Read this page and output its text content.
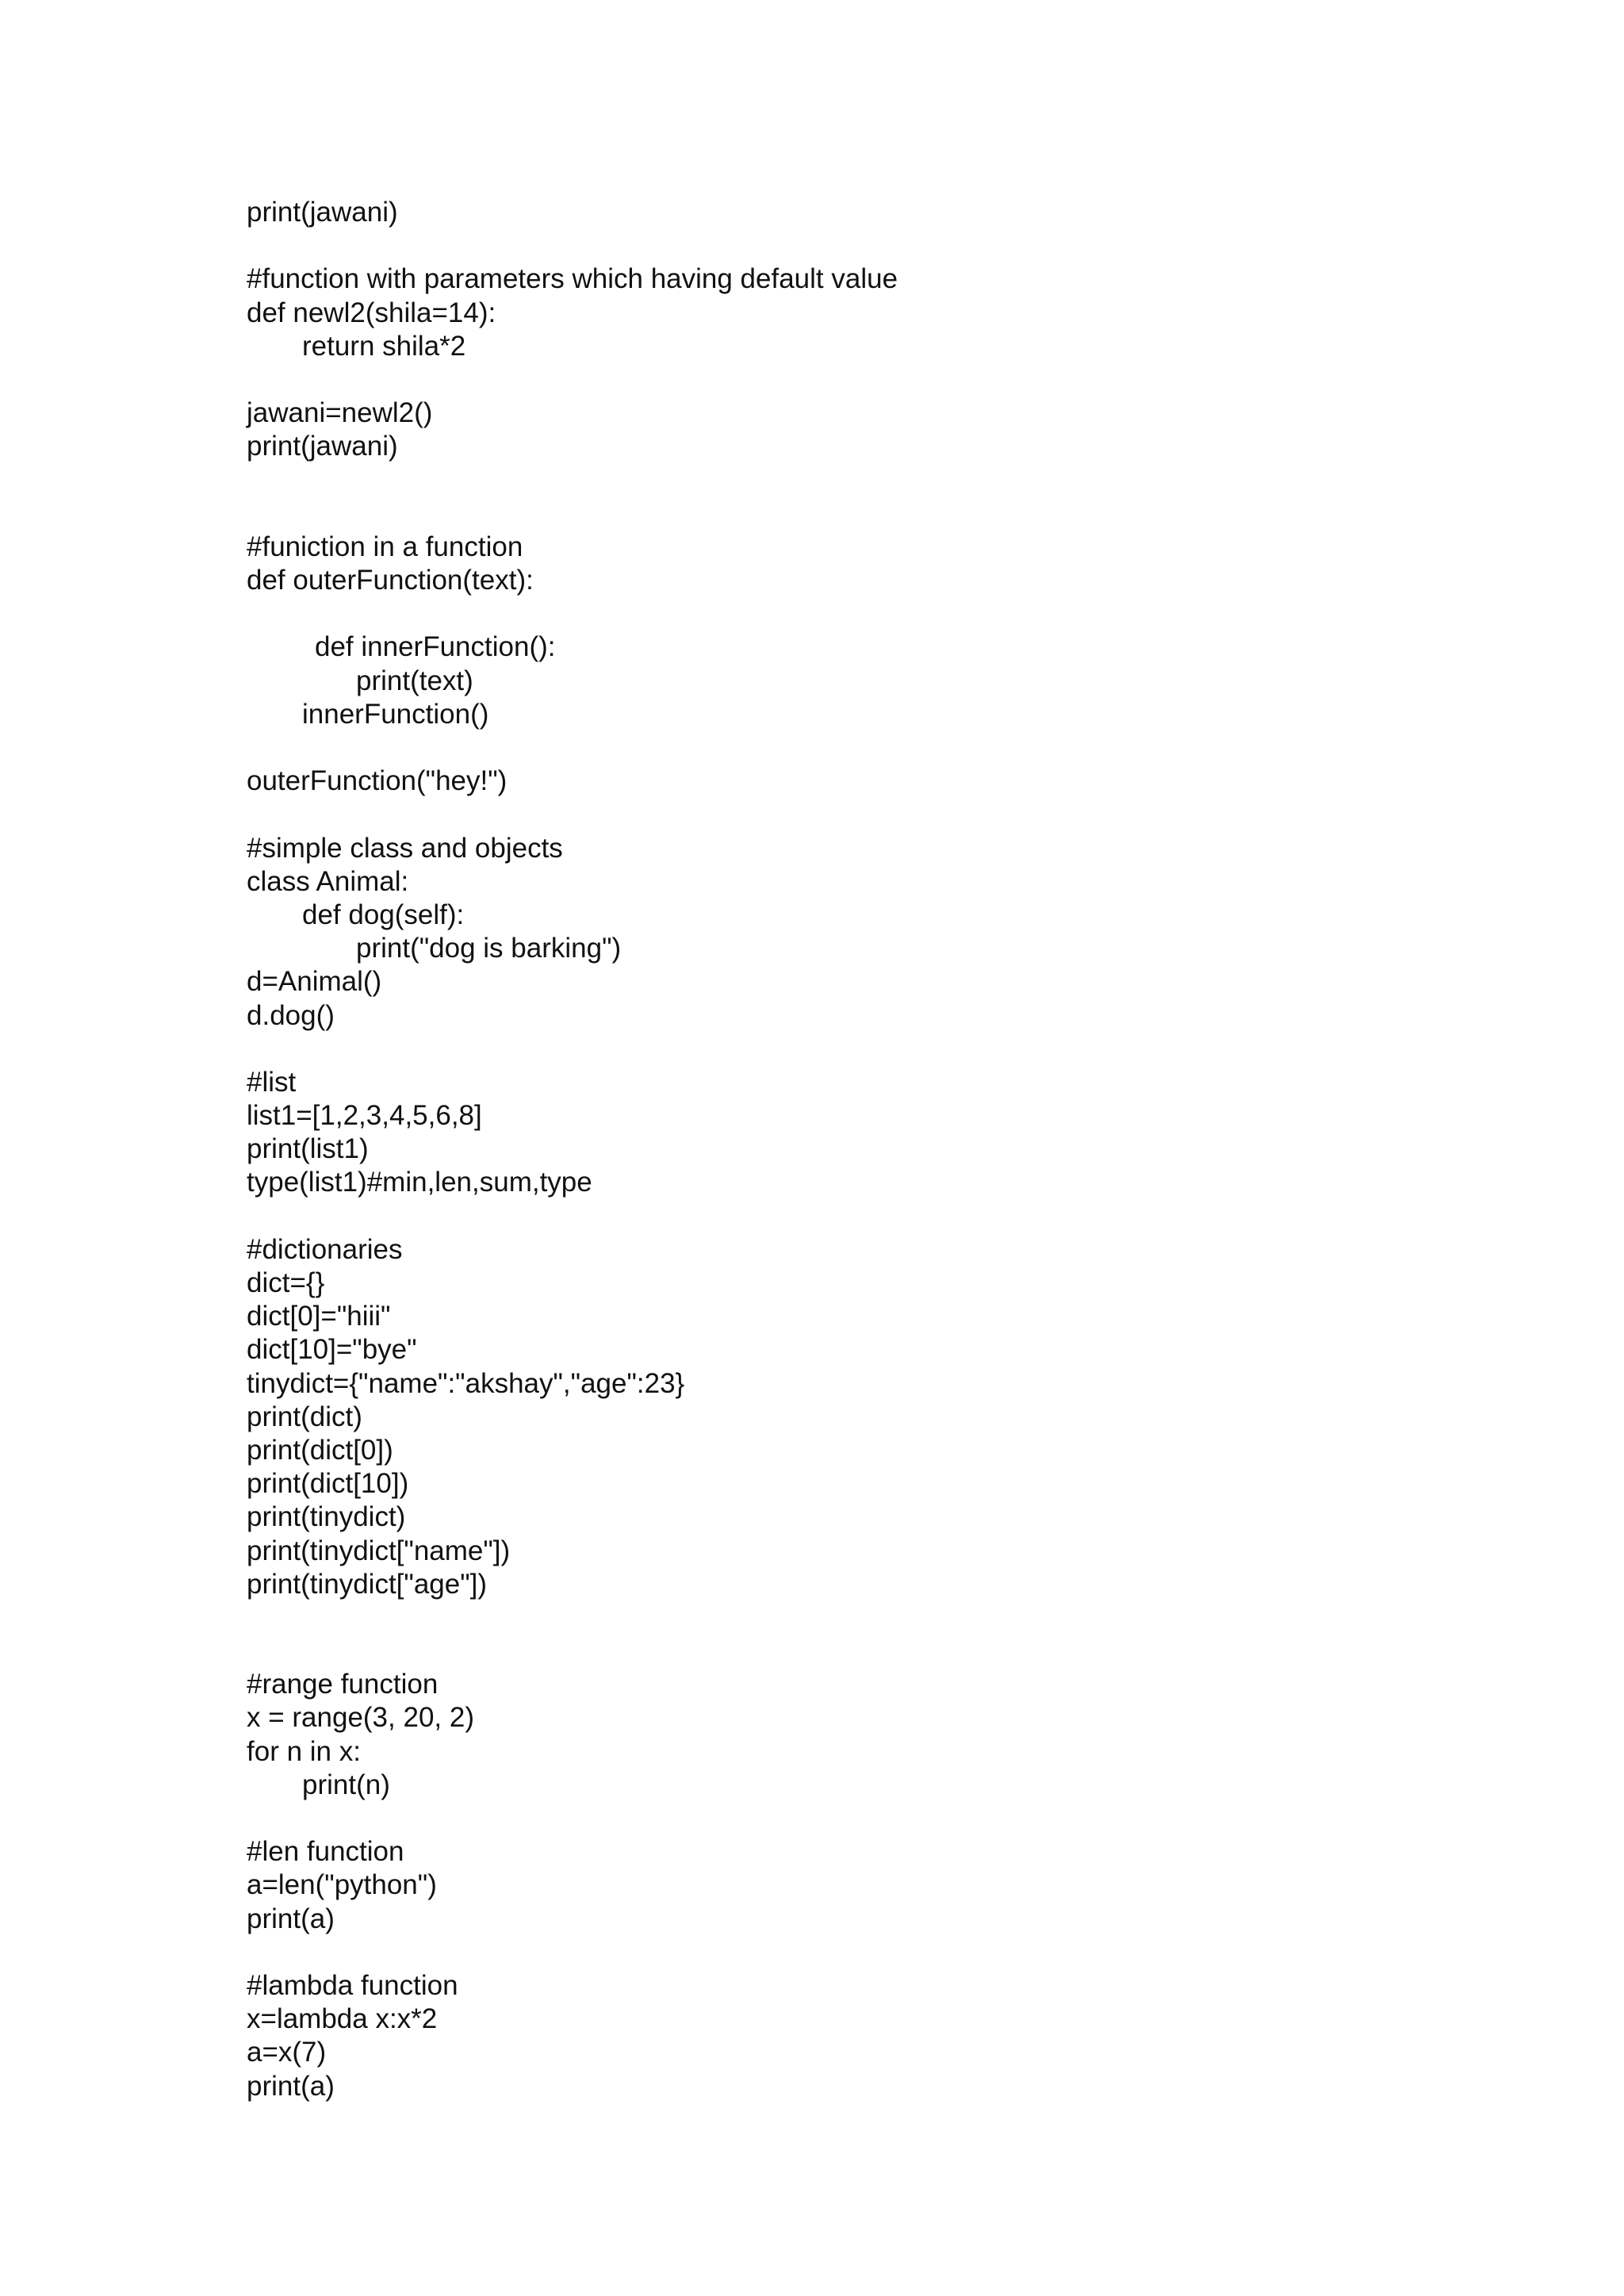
print(jawani)
#function with parameters which having default value
def newl2(shila=14):
return shila*2
jawani=newl2()
print(jawani)
#funiction in a function
def outerFunction(text):
def innerFunction():
print(text)
innerFunction()
outerFunction("hey!")
#simple class and objects
class Animal:
def dog(self):
print("dog is barking")
d=Animal()
d.dog()
#list
list1=[1,2,3,4,5,6,8]
print(list1)
type(list1)#min,len,sum,type
#dictionaries
dict={}
dict[0]="hiii"
dict[10]="bye"
tinydict={"name":"akshay","age":23}
print(dict)
print(dict[0])
print(dict[10])
print(tinydict)
print(tinydict["name"])
print(tinydict["age"])
#range function
x = range(3, 20, 2)
for n in x:
print(n)
#len function
a=len("python")
print(a)
#lambda function
x=lambda x:x*2
a=x(7)
print(a)
